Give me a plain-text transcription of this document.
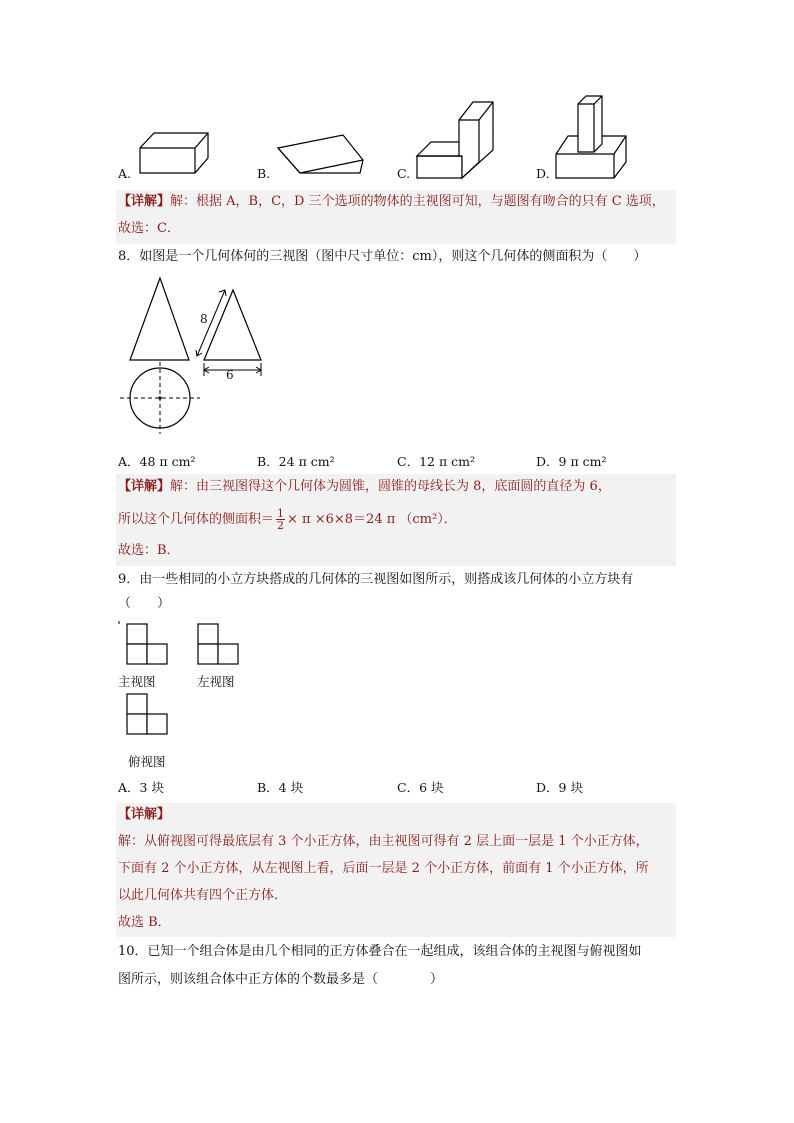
A.	B.	C.	D.
【详解】解：根据 A，B，C，D 三个选项的物体的主视图可知，与题图有吻合的只有 C 选项，
故选：C．
8．如图是一个几何体何的三视图（图中尺寸单位：cm），则这个几何体的侧面积为（　　）
8
6
A．48 π cm²	B．24 π cm²	C．12 π cm²	D．9 π cm²
【详解】解：由三视图得这个几何体为圆锥，圆锥的母线长为 8，底面圆的直径为 6，
所以这个几何体的侧面积＝ $\frac{1}{2} \times \pi \times 6\times 8=24$ π （cm²）．
故选：B．
9．由一些相同的小立方块搭成的几何体的三视图如图所示，则搭成该几何体的小立方块有
（　　）
主视图	左视图
俯视图
A．3 块	B．4 块	C．6 块	D．9 块
【详解】
解：从俯视图可得最底层有 3 个小正方体，由主视图可得有 2 层上面一层是 1 个小正方体，
下面有 2 个小正方体，从左视图上看，后面一层是 2 个小正方体，前面有 1 个小正方体，所
以此几何体共有四个正方体．
故选 B．
10．已知一个组合体是由几个相同的正方体叠合在一起组成，该组合体的主视图与俯视图如
图所示，则该组合体中正方体的个数最多是（　　　　）
